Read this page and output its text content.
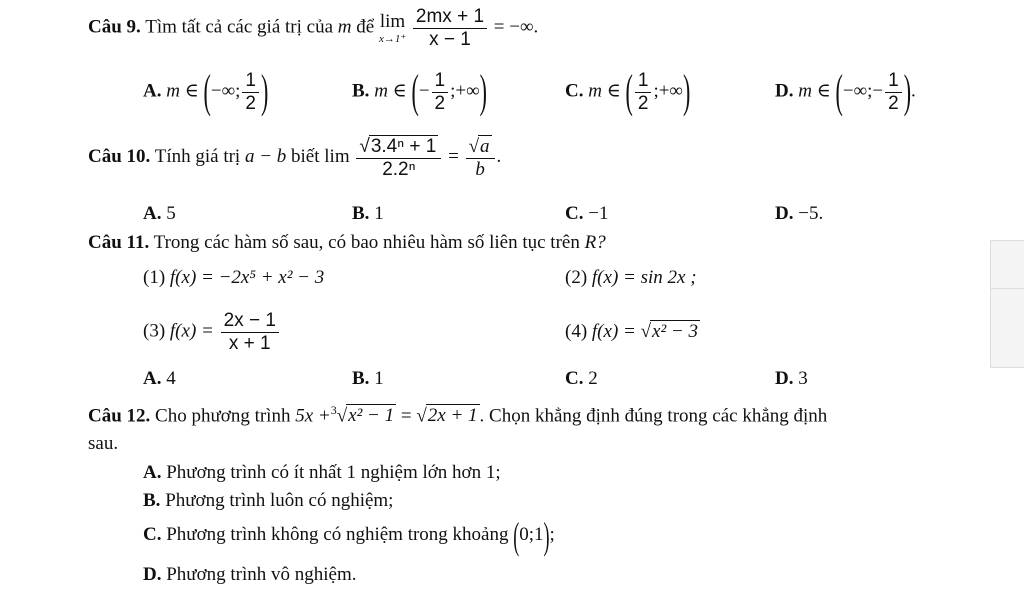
Câu 9. Tìm tất cả các giá trị của m để lim
x→1⁺
$\frac{2mx + 1}{x - 1}$ = −∞.
A. m ∈ (−∞; $\frac{1}{2}$ )	B. m ∈ (− $\frac{1}{2}$ ;+∞)	C. m ∈ ( $\frac{1}{2}$ ;+∞)	D. m ∈ (−∞;− $\frac{1}{2}$ ).
Câu 10. Tính giá trị a − b biết $\lim \frac{\text{√3.4ⁿ + 1}}{\text{2.2ⁿ}} = \frac{√a}{b}$ .
A. 5	B. 1	C. −1	D. −5.
Câu 11. Trong các hàm số sau, có bao nhiêu hàm số liên tục trên R?
(1) f(x) = −2x⁵ + x² − 3	(2) f(x) = sin 2x ;
(3) $f(x) = \frac{2x - 1}{x + 1}$	(4) f(x) = √x² − 3
A. 4	B. 1	C. 2	D. 3
Câu 12. Cho phương trình 5x +$^3$√x² − 1 = √2x + 1 . Chọn khẳng định đúng trong các khẳng định
sau.
A. Phương trình có ít nhất 1 nghiệm lớn hơn 1;
B. Phương trình luôn có nghiệm;
C. Phương trình không có nghiệm trong khoảng (0;1);
D. Phương trình vô nghiệm.
